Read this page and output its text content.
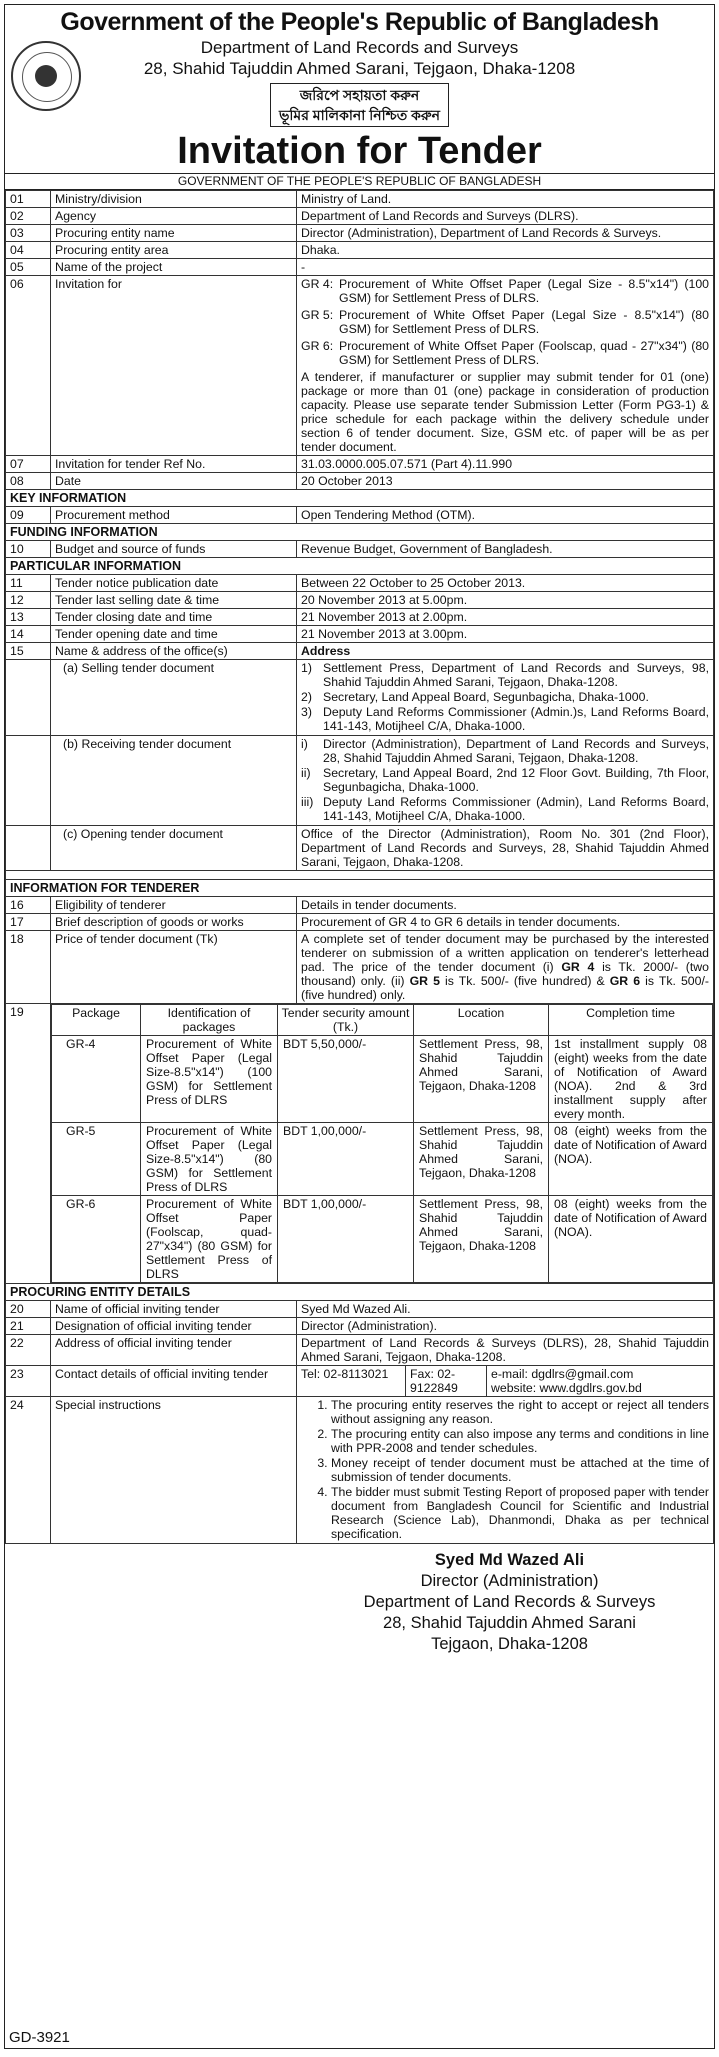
Government of the People's Republic of Bangladesh
Department of Land Records and Surveys
28, Shahid Tajuddin Ahmed Sarani, Tejgaon, Dhaka-1208
জরিপে সহায়তা করুন
ভূমির মালিকানা নিশ্চিত করুন
Invitation for Tender
GOVERNMENT OF THE PEOPLE'S REPUBLIC OF BANGLADESH
01	Ministry/division	Ministry of Land.
02	Agency	Department of Land Records and Surveys (DLRS).
03	Procuring entity name	Director (Administration), Department of Land Records & Surveys.
04	Procuring entity area	Dhaka.
05	Name of the project	-
06	Invitation for	GR 4: Procurement of White Offset Paper (Legal Size - 8.5"x14") (100 GSM) for Settlement Press of DLRS.

GR 5: Procurement of White Offset Paper (Legal Size - 8.5"x14") (80 GSM) for Settlement Press of DLRS.

GR 6: Procurement of White Offset Paper (Foolscap, quad - 27"x34") (80 GSM) for Settlement Press of DLRS.

A tenderer, if manufacturer or supplier may submit tender for 01 (one) package or more than 01 (one) package in consideration of production capacity. Please use separate tender Submission Letter (Form PG3-1) & price schedule for each package within the delivery schedule under section 6 of tender document. Size, GSM etc. of paper will be as per tender document.

07	Invitation for tender Ref No.	31.03.0000.005.07.571 (Part 4).11.990
08	Date	20 October 2013
KEY INFORMATION
09	Procurement method	Open Tendering Method (OTM).
FUNDING INFORMATION
10	Budget and source of funds	Revenue Budget, Government of Bangladesh.
PARTICULAR INFORMATION
11	Tender notice publication date	Between 22 October to 25 October 2013.
12	Tender last selling date & time	20 November 2013 at 5.00pm.
13	Tender closing date and time	21 November 2013 at 2.00pm.
14	Tender opening date and time	21 November 2013 at 3.00pm.
15	Name & address of the office(s)	Address
	(a) Selling tender document	1) Settlement Press, Department of Land Records and Surveys, 98, Shahid Tajuddin Ahmed Sarani, Tejgaon, Dhaka-1208.
2) Secretary, Land Appeal Board, Segunbagicha, Dhaka-1000.
3) Deputy Land Reforms Commissioner (Admin.)s, Land Reforms Board, 141-143, Motijheel C/A, Dhaka-1000.

	(b) Receiving tender document	i) Director (Administration), Department of Land Records and Surveys, 28, Shahid Tajuddin Ahmed Sarani, Tejgaon, Dhaka-1208.
ii) Secretary, Land Appeal Board, 2nd 12 Floor Govt. Building, 7th Floor, Segunbagicha, Dhaka-1000.
iii) Deputy Land Reforms Commissioner (Admin), Land Reforms Board, 141-143, Motijheel C/A, Dhaka-1000.

	(c) Opening tender document	Office of the Director (Administration), Room No. 301 (2nd Floor), Department of Land Records and Surveys, 28, Shahid Tajuddin Ahmed Sarani, Tejgaon, Dhaka-1208.

INFORMATION FOR TENDERER
16	Eligibility of tenderer	Details in tender documents.
17	Brief description of goods or works	Procurement of GR 4 to GR 6 details in tender documents.
18	Price of tender document (Tk)	A complete set of tender document may be purchased by the interested tenderer on submission of a written application on tenderer's letterhead pad. The price of the tender document (i) GR 4 is Tk. 2000/- (two thousand) only. (ii) GR 5 is Tk. 500/- (five hundred) & GR 6 is Tk. 500/- (five hundred) only.
19		Package	Identification of packages	Tender security amount (Tk.)	Location	Completion time
GR-4	Procurement of White Offset Paper (Legal Size-8.5"x14") (100 GSM) for Settlement Press of DLRS	BDT 5,50,000/-	Settlement Press, 98, Shahid Tajuddin Ahmed Sarani, Tejgaon, Dhaka-1208	1st installment supply 08 (eight) weeks from the date of Notification of Award (NOA). 2nd & 3rd installment supply after every month.
GR-5	Procurement of White Offset Paper (Legal Size-8.5"x14") (80 GSM) for Settlement Press of DLRS	BDT 1,00,000/-	Settlement Press, 98, Shahid Tajuddin Ahmed Sarani, Tejgaon, Dhaka-1208	08 (eight) weeks from the date of Notification of Award (NOA).
GR-6	Procurement of White Offset Paper (Foolscap, quad-27"x34") (80 GSM) for Settlement Press of DLRS	BDT 1,00,000/-	Settlement Press, 98, Shahid Tajuddin Ahmed Sarani, Tejgaon, Dhaka-1208	08 (eight) weeks from the date of Notification of Award (NOA).

PROCURING ENTITY DETAILS
20	Name of official inviting tender	Syed Md Wazed Ali.
21	Designation of official inviting tender	Director (Administration).
22	Address of official inviting tender	Department of Land Records & Surveys (DLRS), 28, Shahid Tajuddin Ahmed Sarani, Tejgaon, Dhaka-1208.
23	Contact details of official inviting tender		Tel: 02-8113021	Fax: 02-9122849	
e-mail: dgdlrs@gmail.com
website: www.dgdlrs.gov.bd

24	Special instructions	
1.The procuring entity reserves the right to accept or reject all tenders without assigning any reason.
2. The procuring entity can also impose any terms and conditions in line with PPR-2008 and tender schedules.
3. Money receipt of tender document must be attached at the time of submission of tender documents.
4. The bidder must submit Testing Report of proposed paper with tender document from Bangladesh Council for Scientific and Industrial Research (Science Lab), Dhanmondi, Dhaka as per technical specification.
Syed Md Wazed Ali
Director (Administration)
Department of Land Records & Surveys
28, Shahid Tajuddin Ahmed Sarani
Tejgaon, Dhaka-1208
GD-3921
